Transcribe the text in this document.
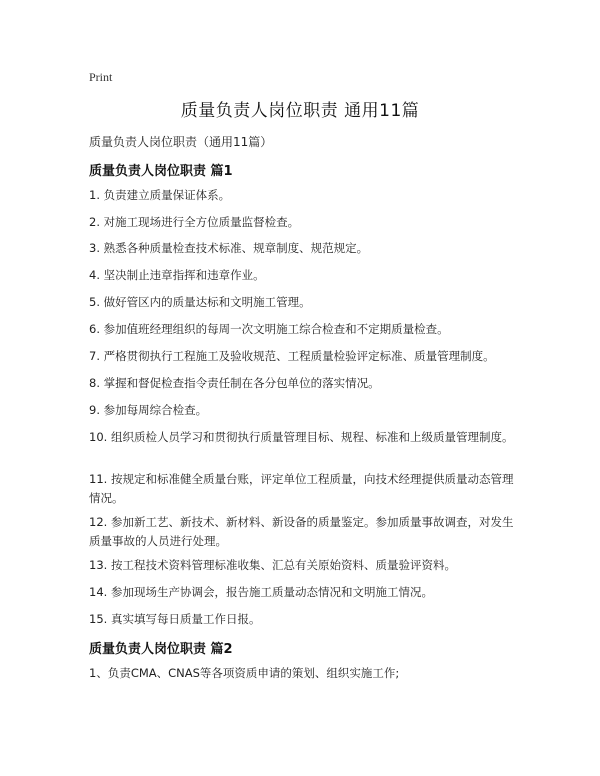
Print
质量负责人岗位职责 通用11篇
质量负责人岗位职责（通用11篇）
质量负责人岗位职责 篇1
1. 负责建立质量保证体系。
2. 对施工现场进行全方位质量监督检查。
3. 熟悉各种质量检查技术标准、规章制度、规范规定。
4. 坚决制止违章指挥和违章作业。
5. 做好管区内的质量达标和文明施工管理。
6. 参加值班经理组织的每周一次文明施工综合检查和不定期质量检查。
7. 严格贯彻执行工程施工及验收规范、工程质量检验评定标准、质量管理制度。
8. 掌握和督促检查指令责任制在各分包单位的落实情况。
9. 参加每周综合检查。
10. 组织质检人员学习和贯彻执行质量管理目标、规程、标准和上级质量管理制度。
11. 按规定和标准健全质量台账，评定单位工程质量，向技术经理提供质量动态管理情况。
12. 参加新工艺、新技术、新材料、新设备的质量鉴定。参加质量事故调查，对发生质量事故的人员进行处理。
13. 按工程技术资料管理标准收集、汇总有关原始资料、质量验评资料。
14. 参加现场生产协调会，报告施工质量动态情况和文明施工情况。
15. 真实填写每日质量工作日报。
质量负责人岗位职责 篇2
1、负责CMA、CNAS等各项资质申请的策划、组织实施工作;
